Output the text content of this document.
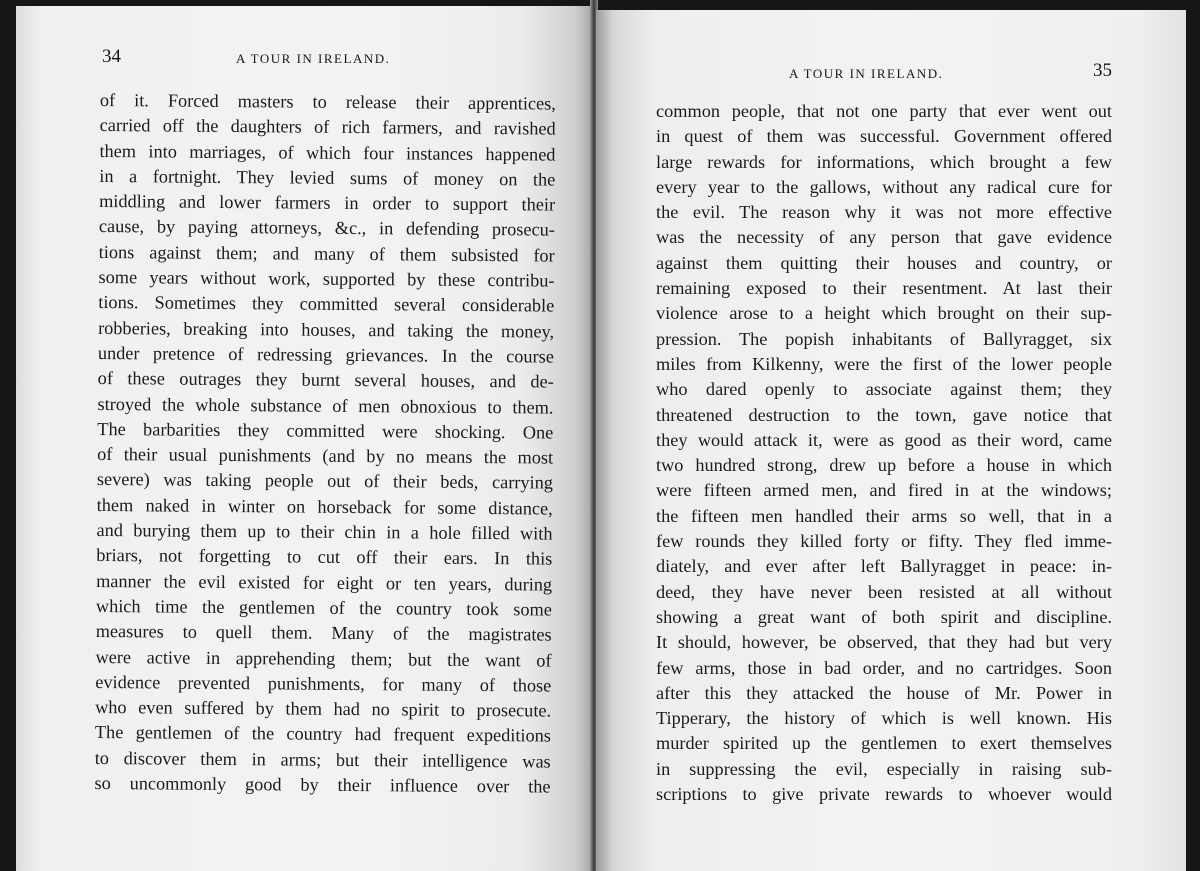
34	A TOUR IN IRELAND.
of it. Forced masters to release their apprentices,
carried off the daughters of rich farmers, and ravished
them into marriages, of which four instances happened
in a fortnight. They levied sums of money on the
middling and lower farmers in order to support their
cause, by paying attorneys, &c., in defending prosecu-
tions against them; and many of them subsisted for
some years without work, supported by these contribu-
tions. Sometimes they committed several considerable
robberies, breaking into houses, and taking the money,
under pretence of redressing grievances. In the course
of these outrages they burnt several houses, and de-
stroyed the whole substance of men obnoxious to them.
The barbarities they committed were shocking. One
of their usual punishments (and by no means the most
severe) was taking people out of their beds, carrying
them naked in winter on horseback for some distance,
and burying them up to their chin in a hole filled with
briars, not forgetting to cut off their ears. In this
manner the evil existed for eight or ten years, during
which time the gentlemen of the country took some
measures to quell them. Many of the magistrates
were active in apprehending them; but the want of
evidence prevented punishments, for many of those
who even suffered by them had no spirit to prosecute.
The gentlemen of the country had frequent expeditions
to discover them in arms; but their intelligence was
so uncommonly good by their influence over the
A TOUR IN IRELAND.	35
common people, that not one party that ever went out
in quest of them was successful. Government offered
large rewards for informations, which brought a few
every year to the gallows, without any radical cure for
the evil. The reason why it was not more effective
was the necessity of any person that gave evidence
against them quitting their houses and country, or
remaining exposed to their resentment. At last their
violence arose to a height which brought on their sup-
pression. The popish inhabitants of Ballyragget, six
miles from Kilkenny, were the first of the lower people
who dared openly to associate against them; they
threatened destruction to the town, gave notice that
they would attack it, were as good as their word, came
two hundred strong, drew up before a house in which
were fifteen armed men, and fired in at the windows;
the fifteen men handled their arms so well, that in a
few rounds they killed forty or fifty. They fled imme-
diately, and ever after left Ballyragget in peace: in-
deed, they have never been resisted at all without
showing a great want of both spirit and discipline.
It should, however, be observed, that they had but very
few arms, those in bad order, and no cartridges. Soon
after this they attacked the house of Mr. Power in
Tipperary, the history of which is well known. His
murder spirited up the gentlemen to exert themselves
in suppressing the evil, especially in raising sub-
scriptions to give private rewards to whoever would
